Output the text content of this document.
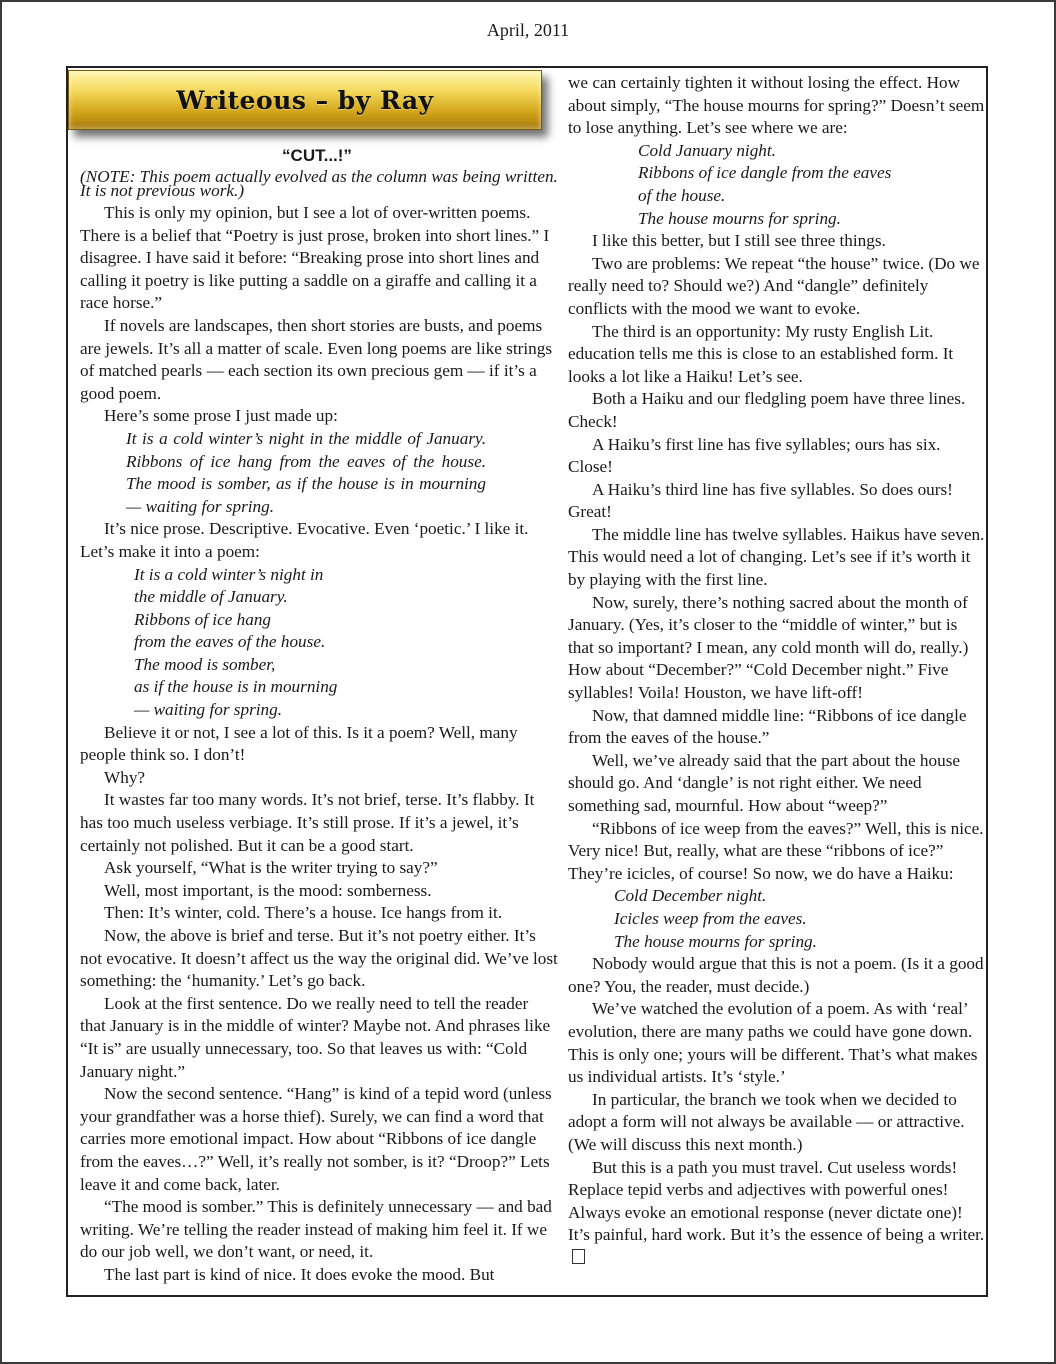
April, 2011
Writeous – by Ray
“CUT...!”

(NOTE: This poem actually evolved as the column was being written. It is not previous work.)

This is only my opinion, but I see a lot of over-written poems. There is a belief that “Poetry is just prose, broken into short lines.” I disagree. I have said it before: “Breaking prose into short lines and calling it poetry is like putting a saddle on a giraffe and calling it a race horse.”

If novels are landscapes, then short stories are busts, and poems are jewels. It’s all a matter of scale. Even long poems are like strings of matched pearls — each section its own precious gem — if it’s a good poem.

Here’s some prose I just made up:

It is a cold winter’s night in the middle of January. Ribbons of ice hang from the eaves of the house. The mood is somber, as if the house is in mourning — waiting for spring.

It’s nice prose. Descriptive. Evocative. Even ‘poetic.’ I like it. Let’s make it into a poem:

It is a cold winter’s night in

the middle of January.

Ribbons of ice hang

from the eaves of the house.

The mood is somber,

as if the house is in mourning

— waiting for spring.

Believe it or not, I see a lot of this. Is it a poem? Well, many people think so. I don’t!

Why?

It wastes far too many words. It’s not brief, terse. It’s flabby. It has too much useless verbiage. It’s still prose. If it’s a jewel, it’s certainly not polished. But it can be a good start.

Ask yourself, “What is the writer trying to say?”

Well, most important, is the mood: somberness.

Then: It’s winter, cold. There’s a house. Ice hangs from it.

Now, the above is brief and terse. But it’s not poetry either. It’s not evocative. It doesn’t affect us the way the original did. We’ve lost something: the ‘humanity.’ Let’s go back.

Look at the first sentence. Do we really need to tell the reader that January is in the middle of winter? Maybe not. And phrases like “It is” are usually unnecessary, too. So that leaves us with: “Cold January night.”

Now the second sentence. “Hang” is kind of a tepid word (unless your grandfather was a horse thief). Surely, we can find a word that carries more emotional impact. How about “Ribbons of ice dangle from the eaves…?” Well, it’s really not somber, is it? “Droop?” Lets leave it and come back, later.

“The mood is somber.” This is definitely unnecessary — and bad writing. We’re telling the reader instead of making him feel it. If we do our job well, we don’t want, or need, it.

The last part is kind of nice. It does evoke the mood. But

we can certainly tighten it without losing the effect. How about simply, “The house mourns for spring?” Doesn’t seem to lose anything. Let’s see where we are:

Cold January night.

Ribbons of ice dangle from the eaves

of the house.

The house mourns for spring.

I like this better, but I still see three things.

Two are problems: We repeat “the house” twice. (Do we really need to? Should we?) And “dangle” definitely conflicts with the mood we want to evoke.

The third is an opportunity: My rusty English Lit. education tells me this is close to an established form. It looks a lot like a Haiku! Let’s see.

Both a Haiku and our fledgling poem have three lines. Check!

A Haiku’s first line has five syllables; ours has six. Close!

A Haiku’s third line has five syllables. So does ours! Great!

The middle line has twelve syllables. Haikus have seven. This would need a lot of changing. Let’s see if it’s worth it by playing with the first line.

Now, surely, there’s nothing sacred about the month of January. (Yes, it’s closer to the “middle of winter,” but is that so important? I mean, any cold month will do, really.) How about “December?” “Cold December night.” Five syllables! Voila! Houston, we have lift-off!

Now, that damned middle line: “Ribbons of ice dangle from the eaves of the house.”

Well, we’ve already said that the part about the house should go. And ‘dangle’ is not right either. We need something sad, mournful. How about “weep?”

“Ribbons of ice weep from the eaves?” Well, this is nice. Very nice! But, really, what are these “ribbons of ice?” They’re icicles, of course! So now, we do have a Haiku:

Cold December night.

Icicles weep from the eaves.

The house mourns for spring.

Nobody would argue that this is not a poem. (Is it a good one? You, the reader, must decide.)

We’ve watched the evolution of a poem. As with ‘real’ evolution, there are many paths we could have gone down. This is only one; yours will be different. That’s what makes us individual artists. It’s ‘style.’

In particular, the branch we took when we decided to adopt a form will not always be available — or attractive. (We will discuss this next month.)

But this is a path you must travel. Cut useless words! Replace tepid verbs and adjectives with powerful ones! Always evoke an emotional response (never dictate one)! It’s painful, hard work. But it’s the essence of being a writer.
